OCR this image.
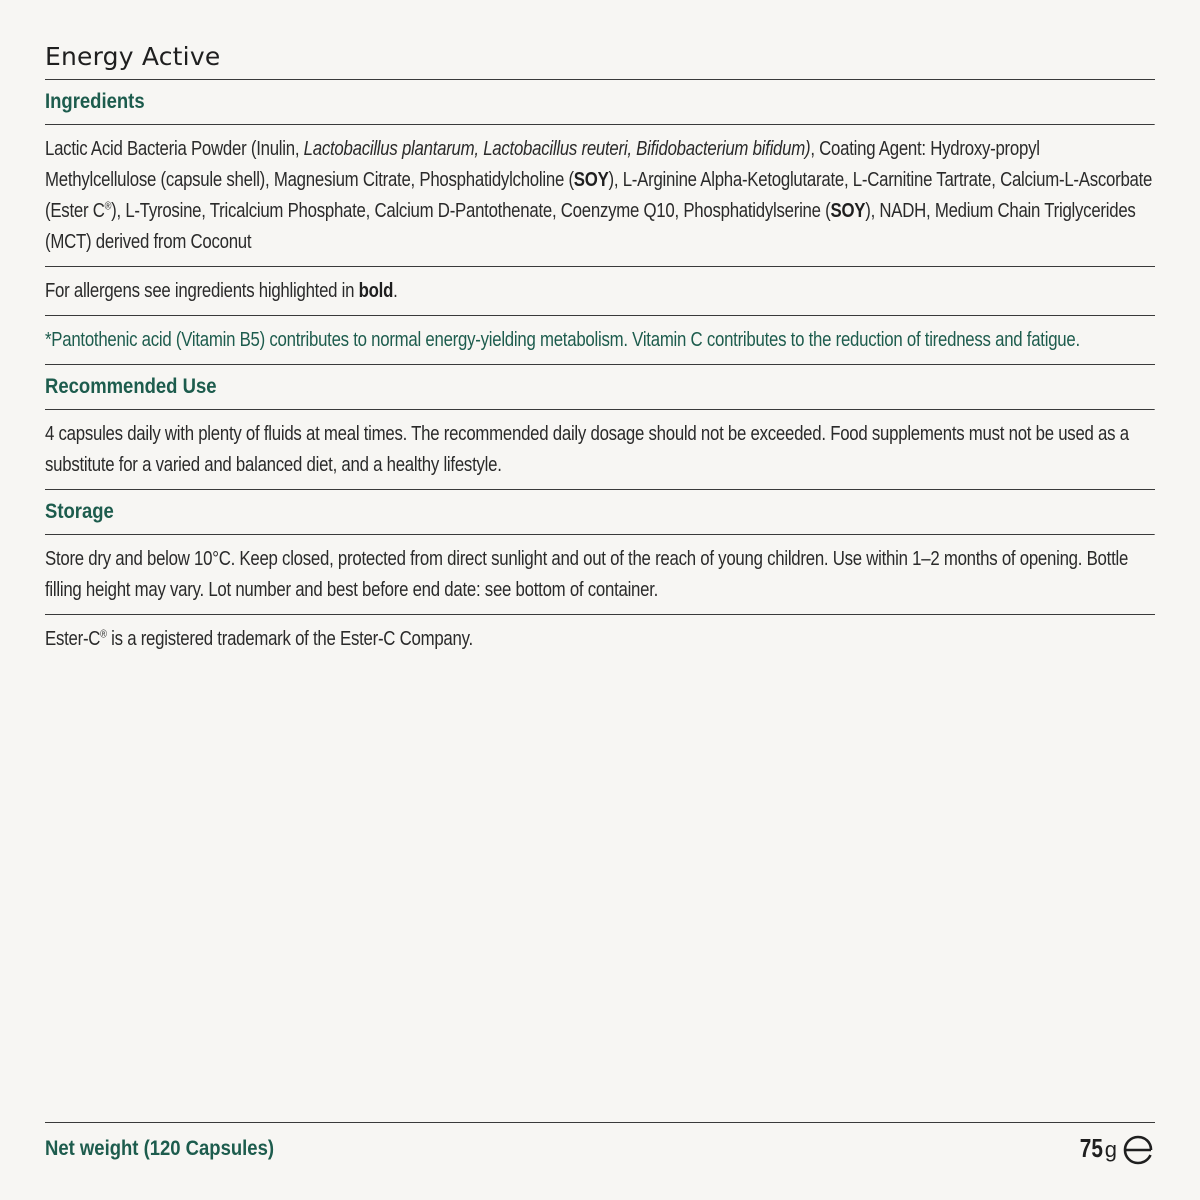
Energy Active
Ingredients
Lactic Acid Bacteria Powder (Inulin, Lactobacillus plantarum, Lactobacillus reuteri, Bifidobacterium bifidum), Coating Agent: Hydroxy-propyl Methylcellulose (capsule shell), Magnesium Citrate, Phosphatidylcholine (SOY), L-Arginine Alpha-Ketoglutarate, L-Carnitine Tartrate, Calcium-L-Ascorbate (Ester C®), L-Tyrosine, Tricalcium Phosphate, Calcium D-Pantothenate, Coenzyme Q10, Phosphatidylserine (SOY), NADH, Medium Chain Triglycerides (MCT) derived from Coconut
For allergens see ingredients highlighted in bold.
*Pantothenic acid (Vitamin B5) contributes to normal energy-yielding metabolism. Vitamin C contributes to the reduction of tiredness and fatigue.
Recommended Use
4 capsules daily with plenty of fluids at meal times. The recommended daily dosage should not be exceeded. Food supplements must not be used as a substitute for a varied and balanced diet, and a healthy lifestyle.
Storage
Store dry and below 10°C. Keep closed, protected from direct sunlight and out of the reach of young children. Use within 1–2 months of opening. Bottle filling height may vary. Lot number and best before end date: see bottom of container.
Ester-C® is a registered trademark of the Ester-C Company.
Net weight (120 Capsules)	75 g
